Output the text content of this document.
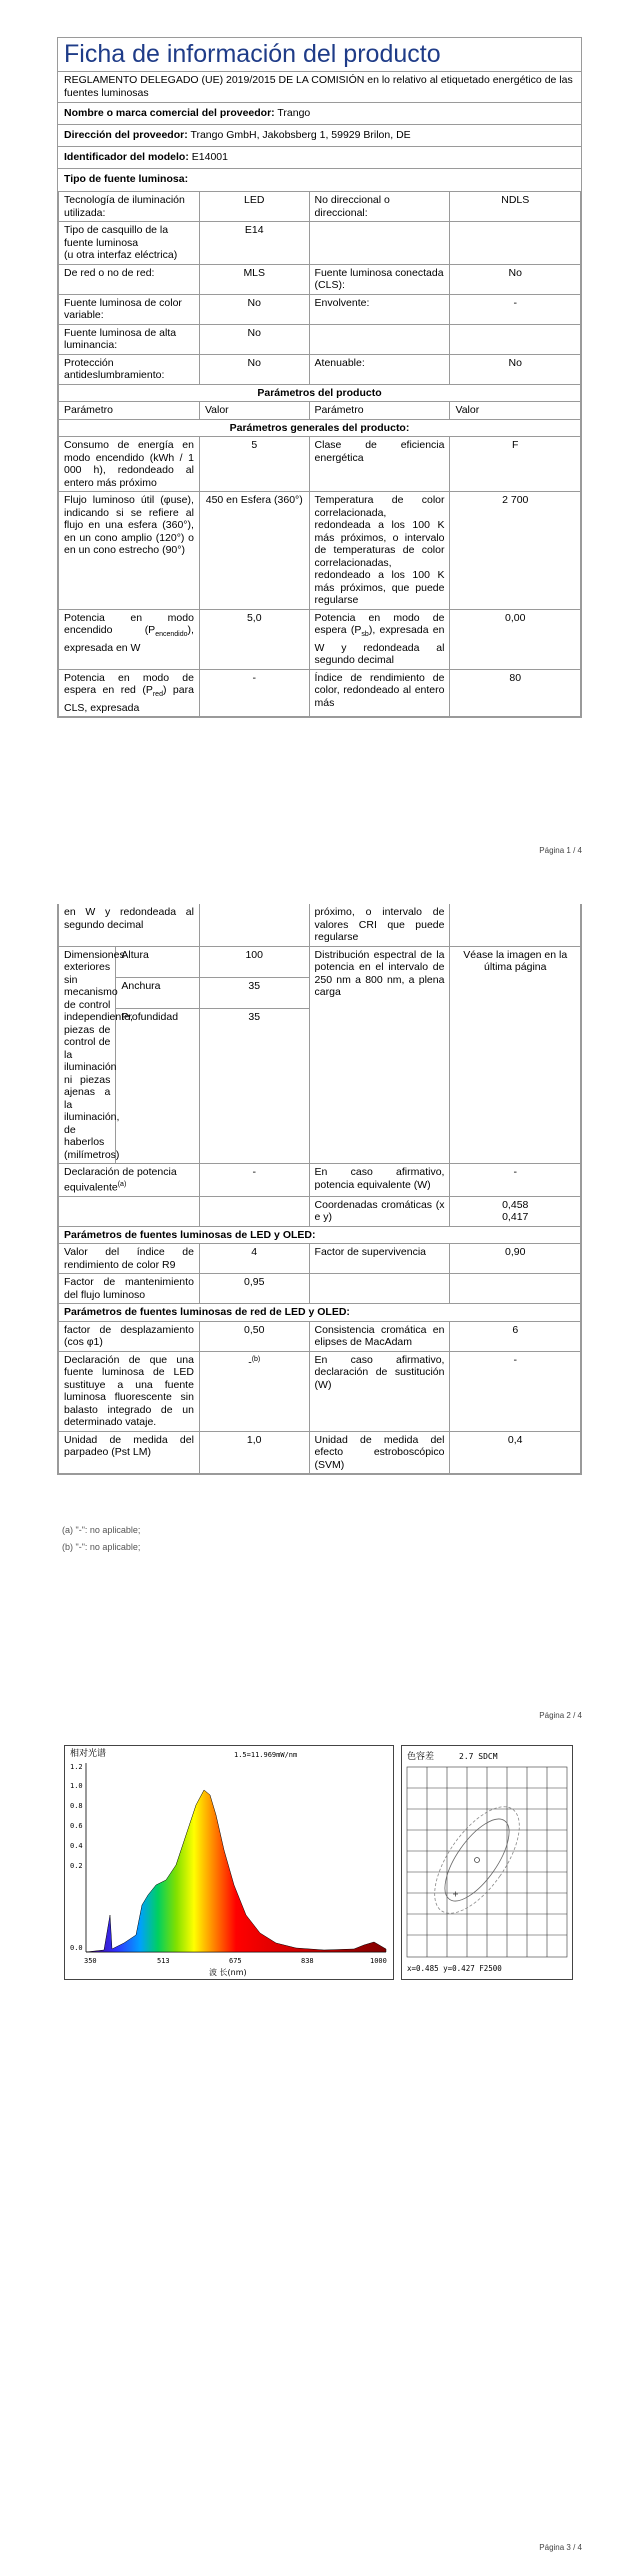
Ficha de información del producto
REGLAMENTO DELEGADO (UE) 2019/2015 DE LA COMISIÓN en lo relativo al etiquetado energético de las fuentes luminosas
Nombre o marca comercial del proveedor: Trango
Dirección del proveedor: Trango GmbH, Jakobsberg 1, 59929 Brilon, DE
Identificador del modelo: E14001
Tipo de fuente luminosa:
Tecnología de iluminación utilizada:	LED	No direccional o direccional:	NDLS

Tipo de casquillo de la fuente luminosa
(u otra interfaz eléctrica)	E14		
De red o no de red:	MLS	Fuente luminosa conectada (CLS):	No
Fuente luminosa de color variable:	No	Envolvente:	-
Fuente luminosa de alta luminancia:	No		
Protección antideslumbramiento:	No	Atenuable:	No
Parámetros del producto			
Parámetro	Valor	Parámetro	Valor
Parámetros generales del producto:			
Consumo de energía en modo encendido (kWh / 1 000 h), redondeado al entero más próximo	5	Clase de eficiencia energética	F
Flujo luminoso útil (φuse), indicando si se refiere al flujo en una esfera (360°), en un cono amplio (120°) o en un cono estrecho (90°)	450 en Esfera (360°)	Temperatura de color correlacionada, redondeada a los 100 K más próximos, o intervalo de temperaturas de color correlacionadas, redondeado a los 100 K más próximos, que puede regularse	2 700
Potencia en modo encendido $(P_{encendido})$, expresada en W	5,0	Potencia en modo de espera $(P_{sb})$, expresada en W y redondeada al segundo decimal	0,00
Potencia en modo de espera en red $(P_{red})$ para CLS, expresada	-	Índice de rendimiento de color, redondeado al entero más	80
Página 1 / 4
en W y redondeada al segundo decimal			próximo, o intervalo de valores CRI que puede regularse	
Dimensiones exteriores sin mecanismo de control independiente, piezas de control de la iluminación ni piezas ajenas a la iluminación, de haberlos (milímetros)	Altura	100	Distribución espectral de la potencia en el intervalo de 250 nm a 800 nm, a plena carga	Véase la imagen en la última página
	Anchura	35		
	Profundidad	35		
Declaración de potencia equivalente$^{(a)}$		-	En caso afirmativo, potencia equivalente (W)	-
			Coordenadas cromáticas (x e y)	0,458
0,417

Parámetros de fuentes luminosas de LED y OLED:				
Valor del índice de rendimiento de color R9		4	Factor de supervivencia	0,90
Factor de mantenimiento del flujo luminoso		0,95		
Parámetros de fuentes luminosas de red de LED y OLED:				
factor de desplazamiento (cos φ1)		0,50	Consistencia cromática en elipses de MacAdam	6
Declaración de que una fuente luminosa de LED sustituye a una fuente luminosa fluorescente sin balasto integrado de un determinado vataje.		-$^{(b)}$	En caso afirmativo, declaración de sustitución (W)	-
Unidad de medida del parpadeo (Pst LM)		1,0	Unidad de medida del efecto estroboscópico (SVM)	0,4
(a) "-": no aplicable;
(b) "-": no aplicable;
Página 2 / 4
相对光谱	1.5=11.969mW/nm
1.2
1.0
0.8
0.6
0.4
0.2
0.0
350	513	675	838	1000
波 长(nm)
色容差	2.7 SDCM
x=0.485 y=0.427 F2500
Página 3 / 4
